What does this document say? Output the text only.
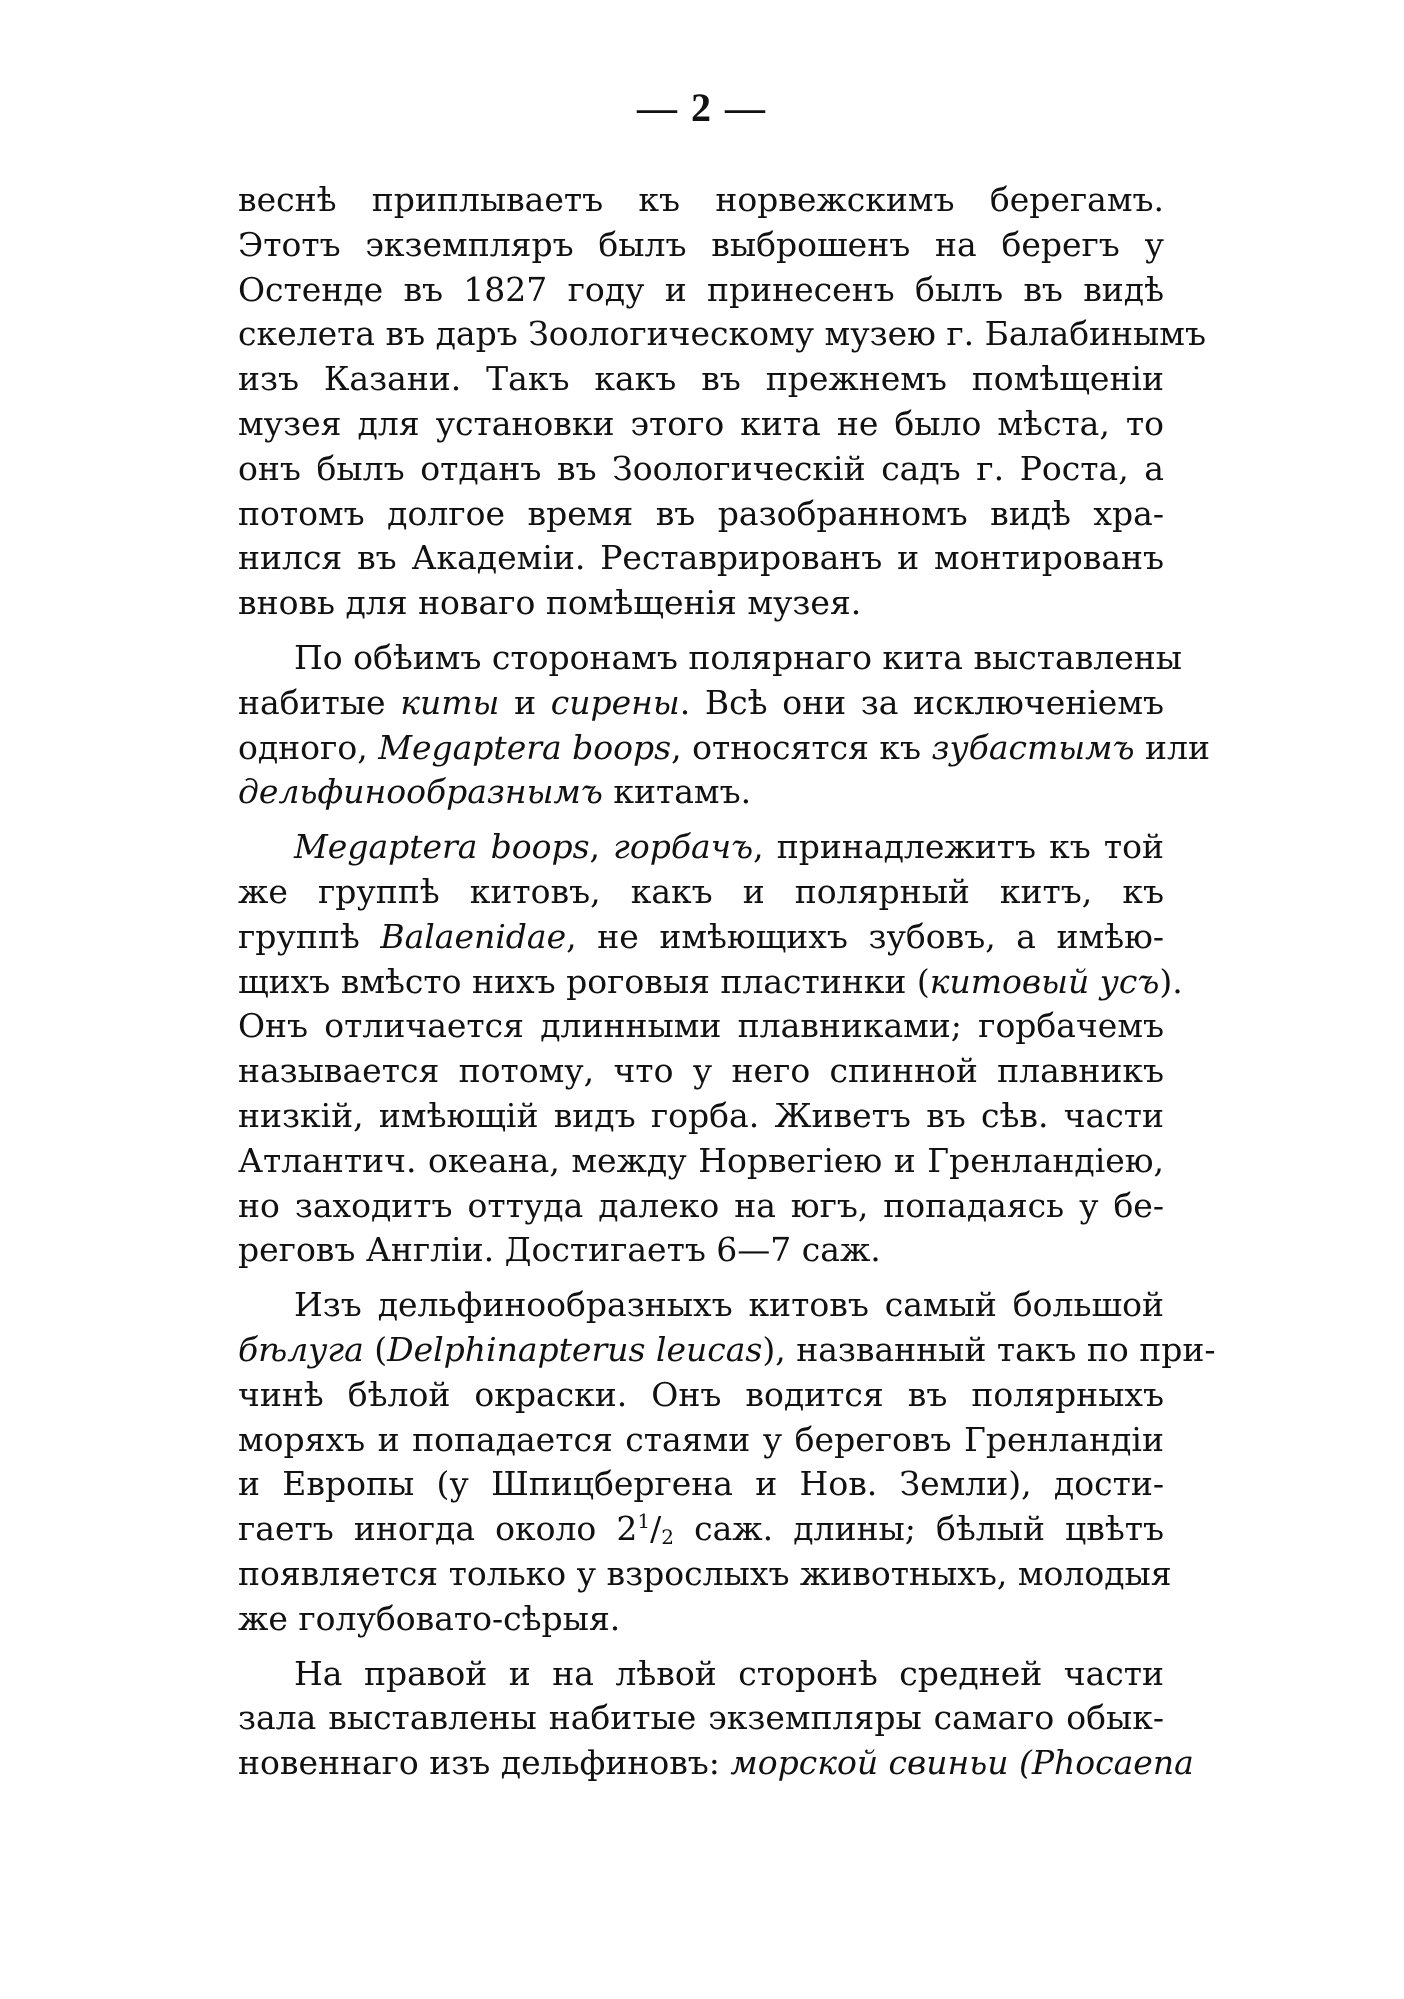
— 2 —
веснѣ приплываетъ къ норвежскимъ берегамъ.
Этотъ экземпляръ былъ выброшенъ на берегъ у
Остенде въ 1827 году и принесенъ былъ въ видѣ
скелета въ даръ Зоологическому музею г. Балабинымъ
изъ Казани. Такъ какъ въ прежнемъ помѣщеніи
музея для установки этого кита не было мѣста, то
онъ былъ отданъ въ Зоологическій садъ г. Роста, а
потомъ долгое время въ разобранномъ видѣ хра-
нился въ Академіи. Реставрированъ и монтированъ
вновь для новаго помѣщенія музея.
По обѣимъ сторонамъ полярнаго кита выставлены
набитые киты и сирены. Всѣ они за исключеніемъ
одного, Megaptera boops, относятся къ зубастымъ или
дельфинообразнымъ китамъ.
Megaptera boops, горбачъ, принадлежитъ къ той
же группѣ китовъ, какъ и полярный китъ, къ
группѣ Balaenidae, не имѣющихъ зубовъ, а имѣю-
щихъ вмѣсто нихъ роговыя пластинки (китовый усъ).
Онъ отличается длинными плавниками; горбачемъ
называется потому, что у него спинной плавникъ
низкій, имѣющій видъ горба. Живетъ въ сѣв. части
Атлантич. океана, между Норвегіею и Гренландіею,
но заходитъ оттуда далеко на югъ, попадаясь у бе-
реговъ Англіи. Достигаетъ 6—7 саж.
Изъ дельфинообразныхъ китовъ самый большой
бѣлуга (Delphinapterus leucas), названный такъ по при-
чинѣ бѣлой окраски. Онъ водится въ полярныхъ
моряхъ и попадается стаями у береговъ Гренландіи
и Европы (у Шпицбергена и Нов. Земли), дости-
гаетъ иногда около $2^1/_2$ саж. длины; бѣлый цвѣтъ
появляется только у взрослыхъ животныхъ, молодыя
же голубовато-сѣрыя.
На правой и на лѣвой сторонѣ средней части
зала выставлены набитые экземпляры самаго обык-
новеннаго изъ дельфиновъ: морской свиньи (Phocaena
